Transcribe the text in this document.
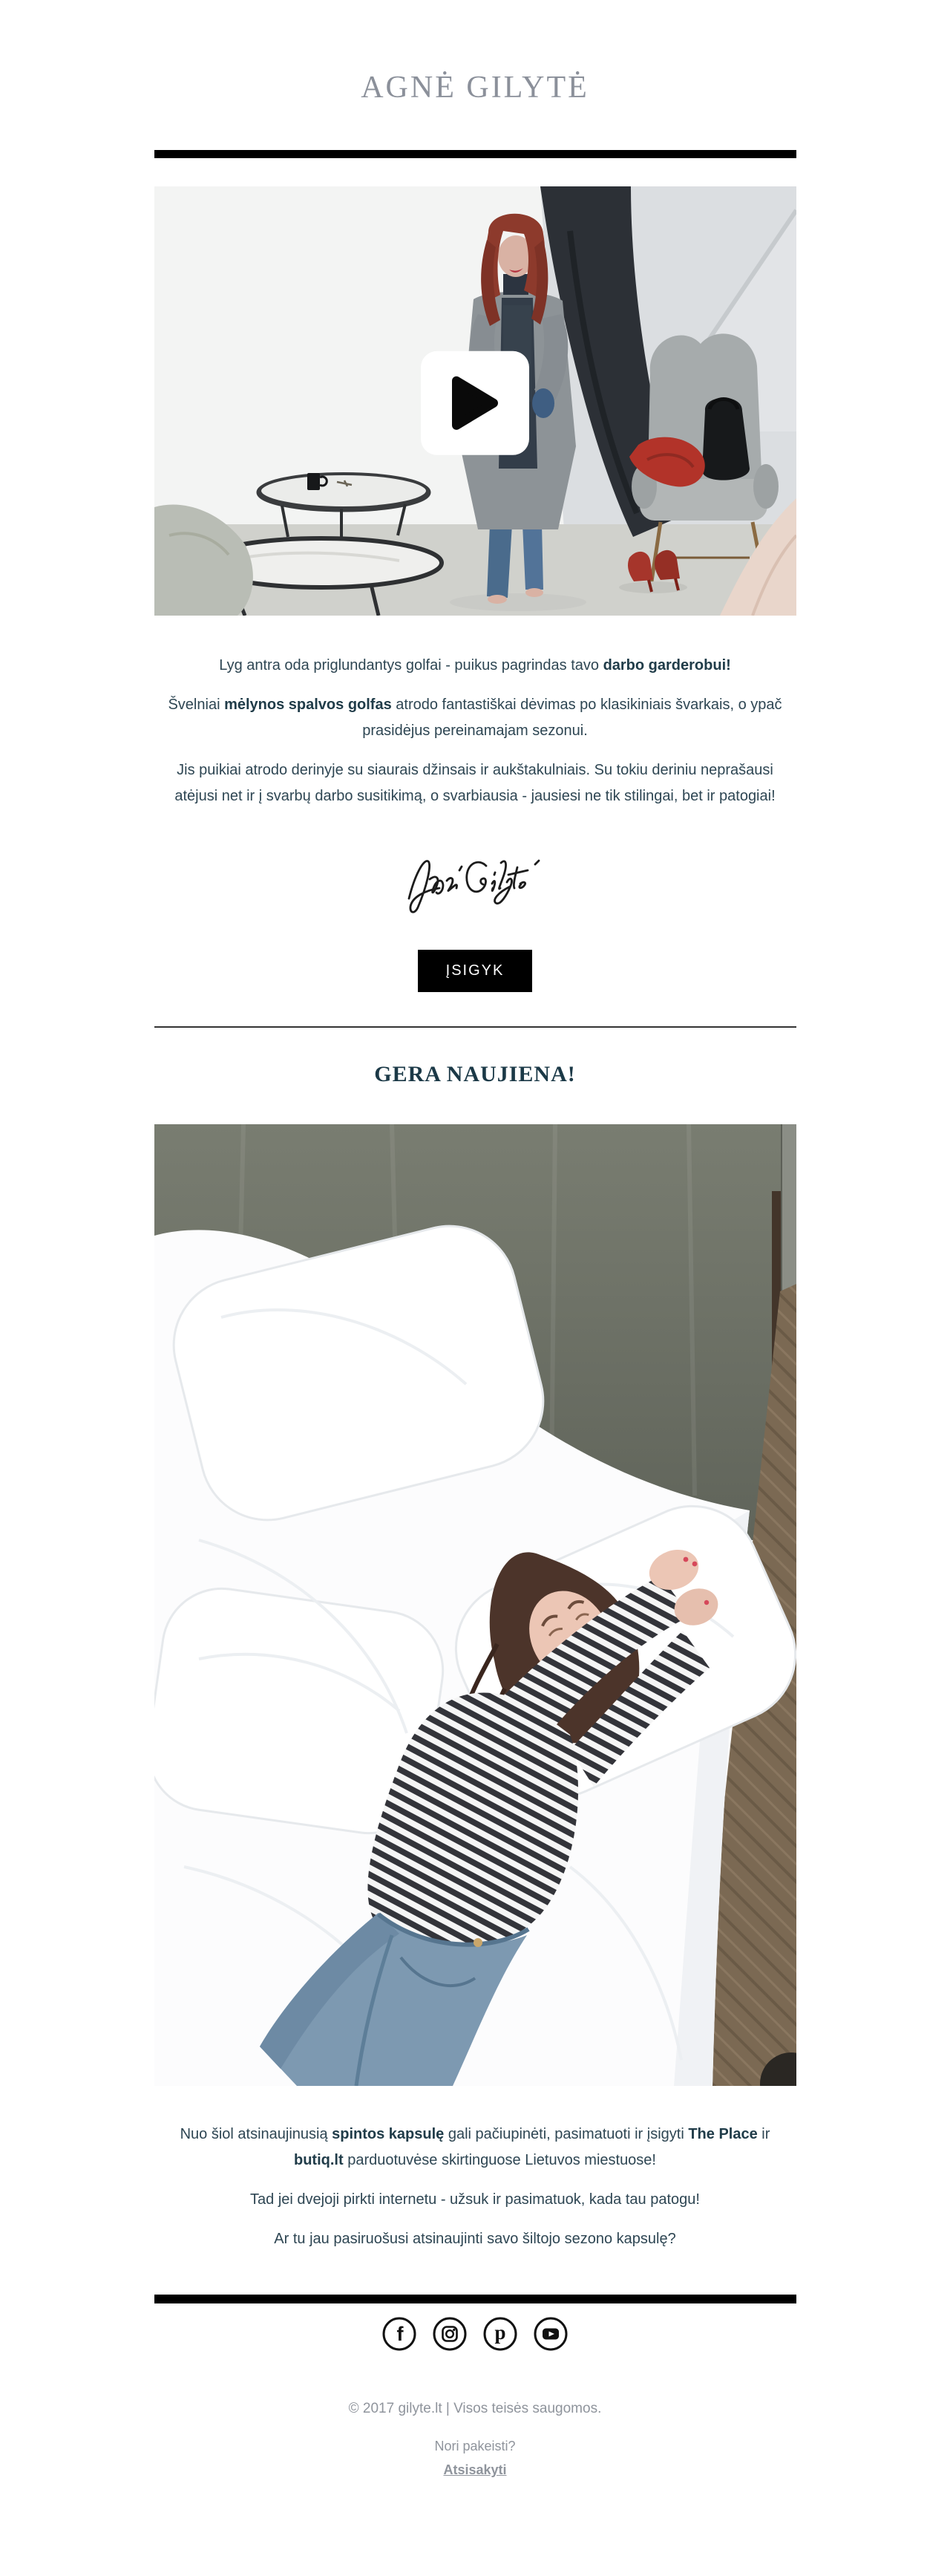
AGNĖ GILYTĖ

Lyg antra oda priglundantys golfai - puikus pagrindas tavo darbo garderobui!

Švelniai mėlynos spalvos golfas atrodo fantastiškai dėvimas po klasikiniais švarkais, o ypač prasidėjus pereinamajam sezonui.

Jis puikiai atrodo derinyje su siaurais džinsais ir aukštakulniais. Su tokiu deriniu neprašausi atėjusi net ir į svarbų darbo susitikimą, o svarbiausia - jausiesi ne tik stilingai, bet ir patogiai!

ĮSIGYK
GERA NAUJIENA!

Nuo šiol atsinaujinusią spintos kapsulę gali pačiupinėti, pasimatuoti ir įsigyti The Place ir butiq.lt parduotuvėse skirtinguose Lietuvos miestuose!

Tad jei dvejoji pirkti internetu - užsuk ir pasimatuok, kada tau patogu!

Ar tu jau pasiruošusi atsinaujinti savo šiltojo sezono kapsulę?

f	p
© 2017 gilyte.lt | Visos teisės saugomos.
Nori pakeisti?
Atsisakyti
